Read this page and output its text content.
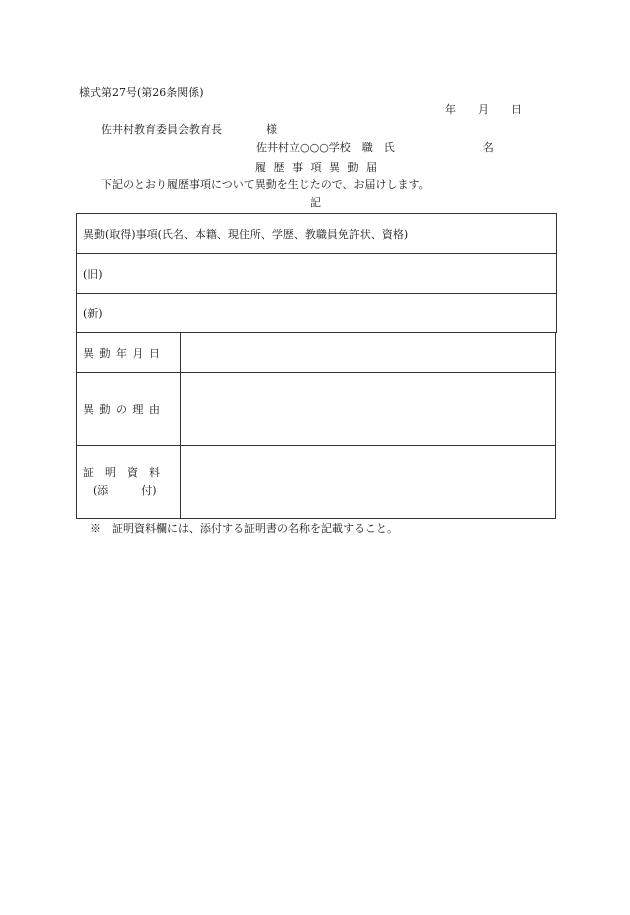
様式第27号(第26条関係)
年　　月　　日
佐井村教育委員会教育長　　　　様
佐井村立○○○学校　職　氏　　　　　　　　名
履 歴 事 項 異 動 届
下記のとおり履歴事項について異動を生じたので、お届けします。
記
異動(取得)事項(氏名、本籍、現住所、学歴、教職員免許状、資格)
(旧)
(新)
異 動 年 月 日	
異 動 の 理 由	

証　明　資　料
(添　　　付)	

※　証明資料欄には、添付する証明書の名称を記載すること。
